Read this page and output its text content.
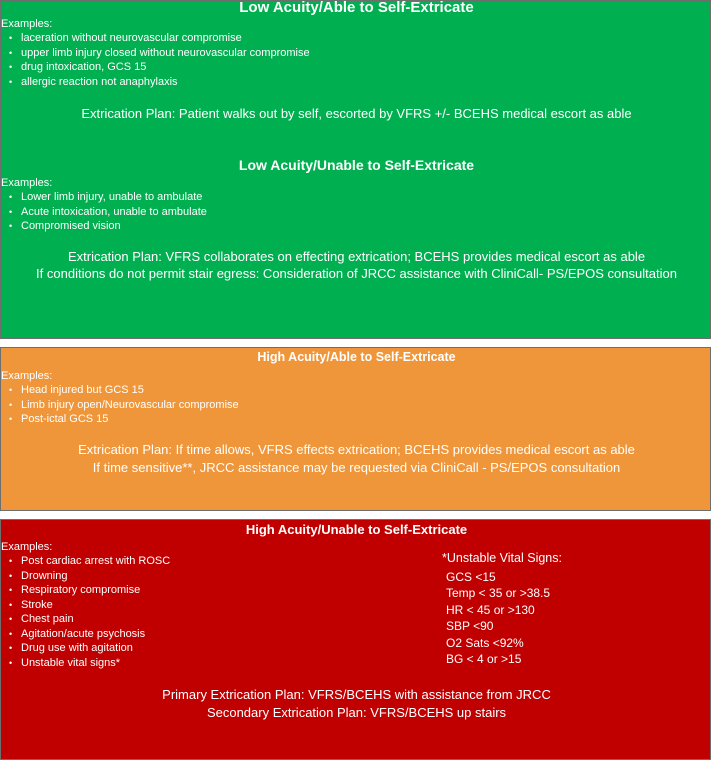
Low Acuity/Able to Self-Extricate
Examples:
• laceration without neurovascular compromise
• upper limb injury closed without neurovascular compromise
• drug intoxication, GCS 15
• allergic reaction not anaphylaxis
Extrication Plan: Patient walks out by self, escorted by VFRS +/- BCEHS medical escort as able
Low Acuity/Unable to Self-Extricate
Examples:
• Lower limb injury, unable to ambulate
• Acute intoxication, unable to ambulate
• Compromised vision
Extrication Plan: VFRS collaborates on effecting extrication; BCEHS provides medical escort as able
If conditions do not permit stair egress: Consideration of JRCC assistance with CliniCall- PS/EPOS consultation
High Acuity/Able to Self-Extricate
Examples:
• Head injured but GCS 15
• Limb injury open/Neurovascular compromise
• Post-ictal GCS 15
Extrication Plan: If time allows, VFRS effects extrication; BCEHS provides medical escort as able
If time sensitive**, JRCC assistance may be requested via CliniCall - PS/EPOS consultation
High Acuity/Unable to Self-Extricate
Examples:
• Post cardiac arrest with ROSC
• Drowning
• Respiratory compromise
• Stroke
• Chest pain
• Agitation/acute psychosis
• Drug use with agitation
• Unstable vital signs*
*Unstable Vital Signs:
GCS <15
Temp < 35 or >38.5
HR < 45 or >130
SBP <90
O2 Sats <92%
BG < 4 or >15
Primary Extrication Plan: VFRS/BCEHS with assistance from JRCC
Secondary Extrication Plan: VFRS/BCEHS up stairs
